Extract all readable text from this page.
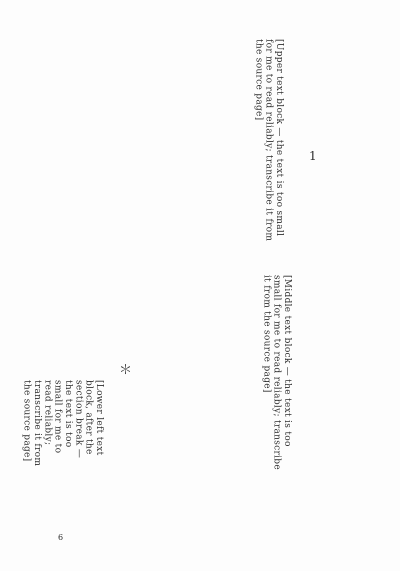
1
[Upper text block — the text is too small for me to read reliably; transcribe it from the source page]
[Middle text block — the text is too small for me to read reliably; transcribe it from the source page]
＊
[Lower left text block, after the section break — the text is too small for me to read reliably; transcribe it from the source page]
6
